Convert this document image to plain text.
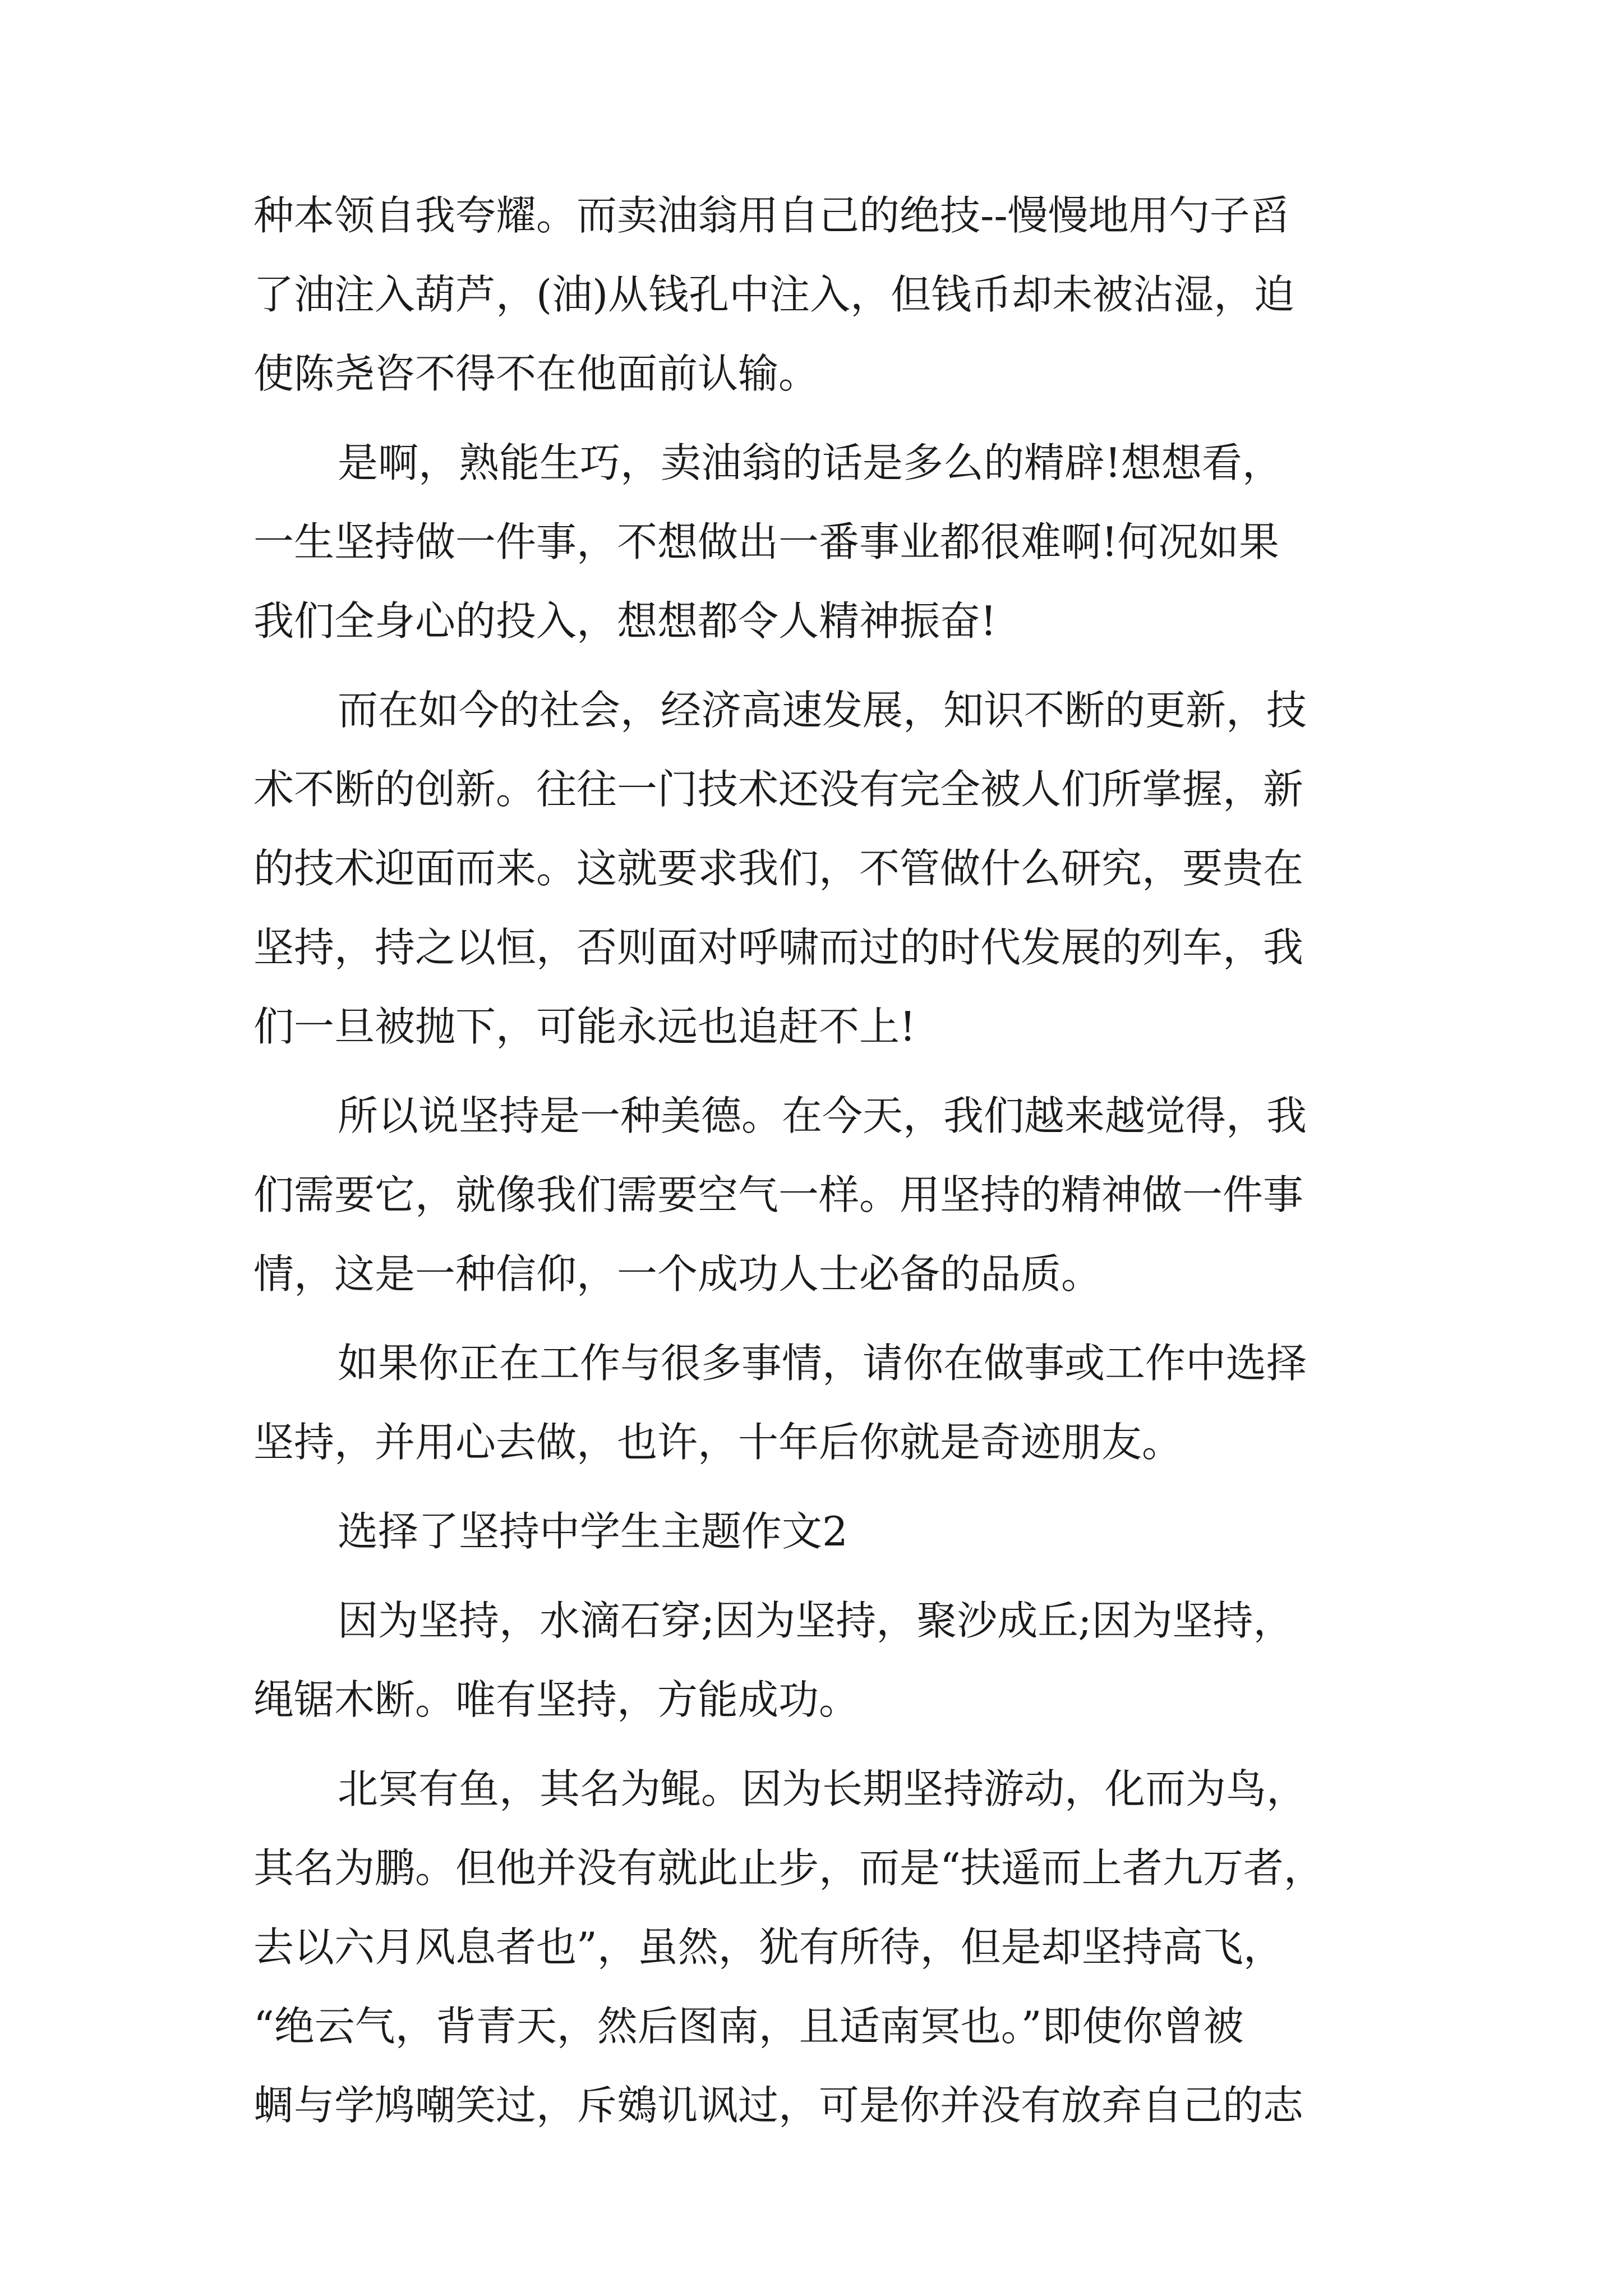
种本领自我夸耀。而卖油翁用自己的绝技--慢慢地用勺子舀
了油注入葫芦，(油)从钱孔中注入，但钱币却未被沾湿，迫
使陈尧咨不得不在他面前认输。
是啊，熟能生巧，卖油翁的话是多么的精辟!想想看，
一生坚持做一件事，不想做出一番事业都很难啊!何况如果
我们全身心的投入，想想都令人精神振奋!
而在如今的社会，经济高速发展，知识不断的更新，技
术不断的创新。往往一门技术还没有完全被人们所掌握，新
的技术迎面而来。这就要求我们，不管做什么研究，要贵在
坚持，持之以恒，否则面对呼啸而过的时代发展的列车，我
们一旦被抛下，可能永远也追赶不上!
所以说坚持是一种美德。在今天，我们越来越觉得，我
们需要它，就像我们需要空气一样。用坚持的精神做一件事
情，这是一种信仰，一个成功人士必备的品质。
如果你正在工作与很多事情，请你在做事或工作中选择
坚持，并用心去做，也许，十年后你就是奇迹朋友。
选择了坚持中学生主题作文2
因为坚持，水滴石穿;因为坚持，聚沙成丘;因为坚持，
绳锯木断。唯有坚持，方能成功。
北冥有鱼，其名为鲲。因为长期坚持游动，化而为鸟，
其名为鹏。但他并没有就此止步，而是“扶遥而上者九万者，
去以六月风息者也”，虽然，犹有所待，但是却坚持高飞，
“绝云气，背青天，然后图南，且适南冥也。”即使你曾被
蜩与学鸠嘲笑过，斥鴳讥讽过，可是你并没有放弃自己的志
